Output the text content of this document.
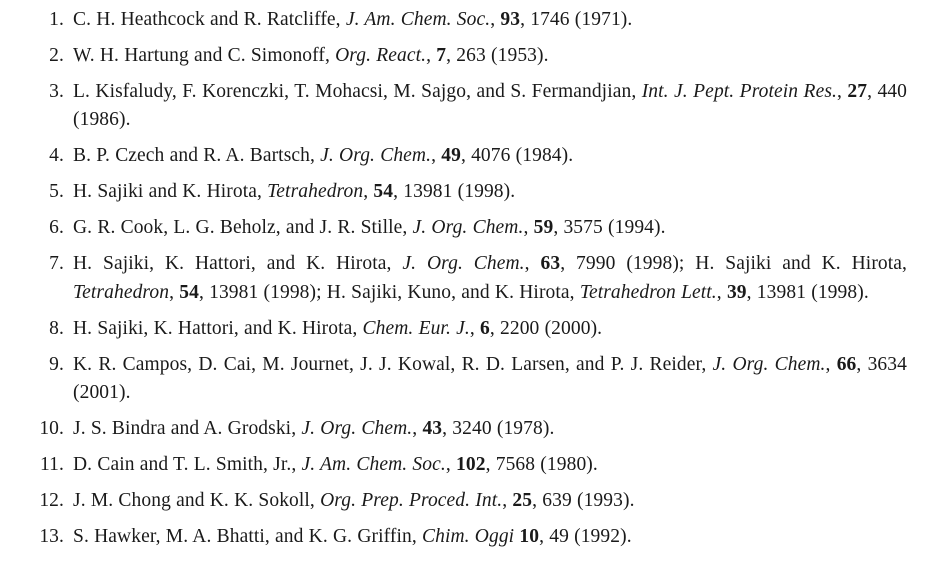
1. C. H. Heathcock and R. Ratcliffe, J. Am. Chem. Soc., 93, 1746 (1971).
2. W. H. Hartung and C. Simonoff, Org. React., 7, 263 (1953).
3. L. Kisfaludy, F. Korenczki, T. Mohacsi, M. Sajgo, and S. Fermandjian, Int. J. Pept. Protein Res., 27, 440 (1986).
4. B. P. Czech and R. A. Bartsch, J. Org. Chem., 49, 4076 (1984).
5. H. Sajiki and K. Hirota, Tetrahedron, 54, 13981 (1998).
6. G. R. Cook, L. G. Beholz, and J. R. Stille, J. Org. Chem., 59, 3575 (1994).
7. H. Sajiki, K. Hattori, and K. Hirota, J. Org. Chem., 63, 7990 (1998); H. Sajiki and K. Hirota, Tetrahedron, 54, 13981 (1998); H. Sajiki, Kuno, and K. Hirota, Tetrahedron Lett., 39, 13981 (1998).
8. H. Sajiki, K. Hattori, and K. Hirota, Chem. Eur. J., 6, 2200 (2000).
9. K. R. Campos, D. Cai, M. Journet, J. J. Kowal, R. D. Larsen, and P. J. Reider, J. Org. Chem., 66, 3634 (2001).
10. J. S. Bindra and A. Grodski, J. Org. Chem., 43, 3240 (1978).
11. D. Cain and T. L. Smith, Jr., J. Am. Chem. Soc., 102, 7568 (1980).
12. J. M. Chong and K. K. Sokoll, Org. Prep. Proced. Int., 25, 639 (1993).
13. S. Hawker, M. A. Bhatti, and K. G. Griffin, Chim. Oggi 10, 49 (1992).
